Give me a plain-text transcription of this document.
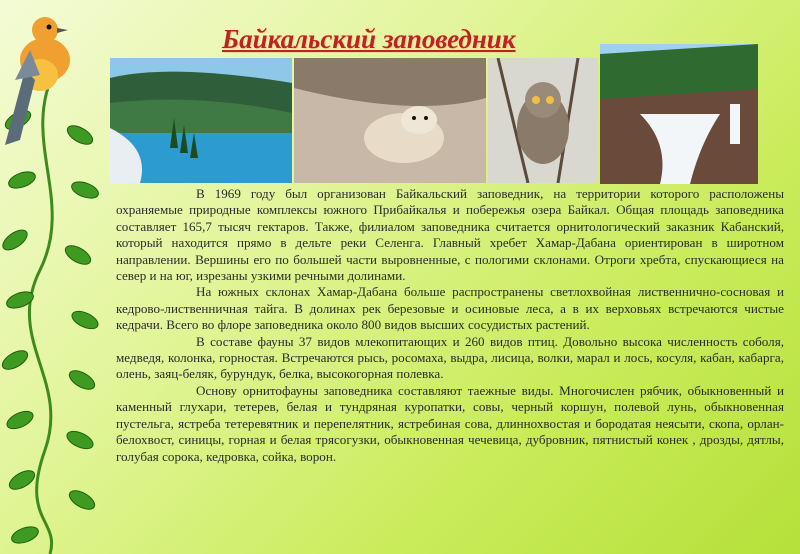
Байкальский заповедник

В 1969 году был организован Байкальский заповедник, на территории которого расположены охраняемые природные комплексы южного Прибайкалья и побережья озера Байкал. Общая площадь заповедника составляет 165,7 тысяч гектаров. Также, филиалом заповедника считается орнитологический заказник Кабанский, который находится прямо в дельте реки Селенга. Главный хребет Хамар-Дабана ориентирован в широтном направлении. Вершины его по большей части выровненные, с пологими склонами. Отроги хребта, спускающиеся на север и на юг, изрезаны узкими речными долинами.

На южных склонах Хамар-Дабана больше распространены светлохвойная лиственнично-сосновая и кедрово-лиственничная тайга. В долинах рек березовые и осиновые леса, а в их верховьях встречаются чистые кедрачи. Всего во флоре заповедника около 800 видов высших сосудистых растений.

В составе фауны 37 видов млекопитающих и 260 видов птиц. Довольно высока численность соболя, медведя, колонка, горностая. Встречаются рысь, росомаха, выдра, лисица, волки, марал и лось, косуля, кабан, кабарга, олень, заяц-беляк, бурундук, белка, высокогорная полевка.

Основу орнитофауны заповедника составляют таежные виды. Многочислен рябчик, обыкновенный и каменный глухари, тетерев, белая и тундряная куропатки, совы, черный коршун, полевой лунь, обыкновенная пустельга, ястреба тетеревятник и перепелятник, ястребиная сова, длиннохвостая и бородатая неясыти, скопа, орлан-белохвост, синицы, горная и белая трясогузки, обыкновенная чечевица, дубровник, пятнистый конек , дрозды, дятлы, голубая сорока, кедровка, сойка, ворон.
